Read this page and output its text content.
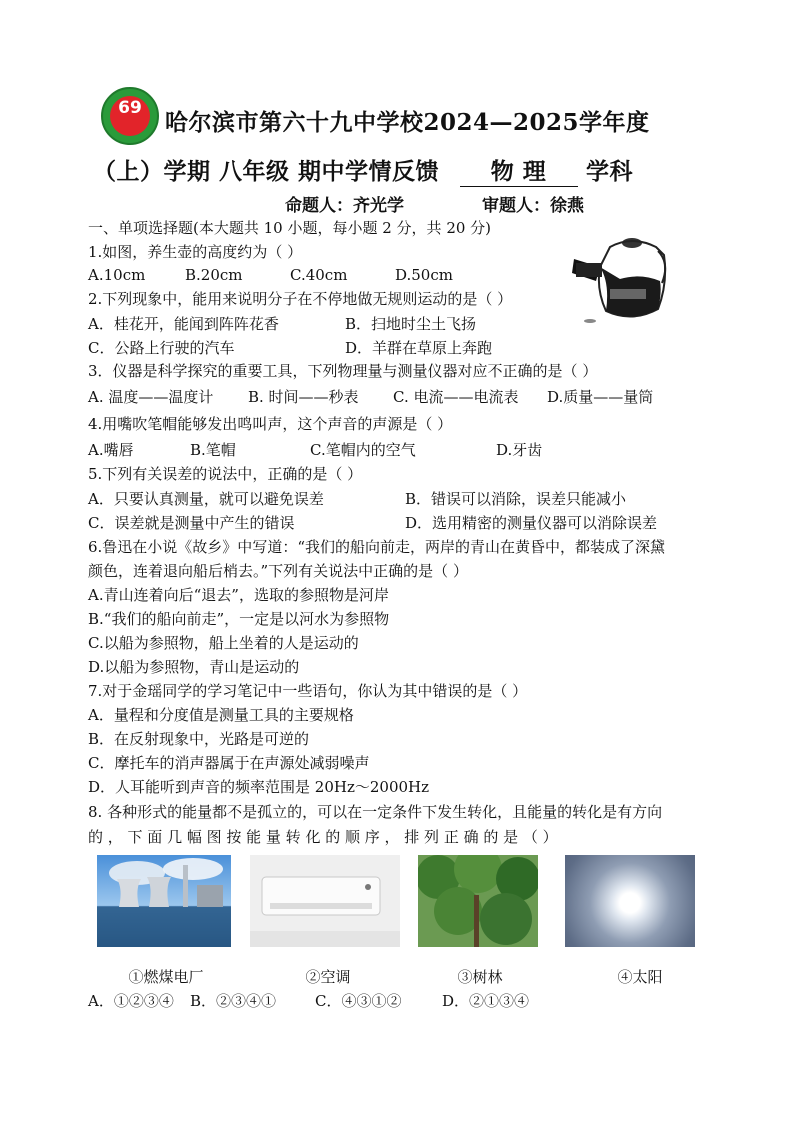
69
哈尔滨市第六十九中学校2024—2025学年度
（上）学期 八年级 期中学情反馈 物 理 学科
命题人：齐光学	审题人：徐燕
一、单项选择题(本大题共 10 小题，每小题 2 分，共 20 分)
1.如图，养生壶的高度约为（ ）
A.10cm	B.20cm	C.40cm	D.50cm
2.下列现象中，能用来说明分子在不停地做无规则运动的是（ ）
A．桂花开，能闻到阵阵花香	B．扫地时尘土飞扬
C．公路上行驶的汽车	D．羊群在草原上奔跑
3．仪器是科学探究的重要工具，下列物理量与测量仪器对应不正确的是（ ）
A. 温度——温度计 B. 时间——秒表 C. 电流——电流表 D.质量——量筒
4.用嘴吹笔帽能够发出鸣叫声，这个声音的声源是（ ）
A.嘴唇	B.笔帽	C.笔帽内的空气	D.牙齿
5.下列有关误差的说法中，正确的是（ ）
A．只要认真测量，就可以避免误差	B．错误可以消除，误差只能减小
C．误差就是测量中产生的错误	D．选用精密的测量仪器可以消除误差
6.鲁迅在小说《故乡》中写道：“我们的船向前走，两岸的青山在黄昏中，都装成了深黛
颜色，连着退向船后梢去。”下列有关说法中正确的是（ ）
A.青山连着向后“退去”，选取的参照物是河岸
B.“我们的船向前走”，一定是以河水为参照物
C.以船为参照物，船上坐着的人是运动的
D.以船为参照物，青山是运动的
7.对于金瑶同学的学习笔记中一些语句，你认为其中错误的是（ ）
A．量程和分度值是测量工具的主要规格
B．在反射现象中，光路是可逆的
C．摩托车的消声器属于在声源处减弱噪声
D．人耳能听到声音的频率范围是 20Hz～2000Hz
8. 各种形式的能量都不是孤立的，可以在一定条件下发生转化，且能量的转化是有方向
的 ， 下 面 几 幅 图 按 能 量 转 化 的 顺 序 ， 排 列 正 确 的 是 （ ）
①燃煤电厂	②空调	③树林	④太阳
A．①②③④ B．②③④①	C．④③①②	D．②①③④
